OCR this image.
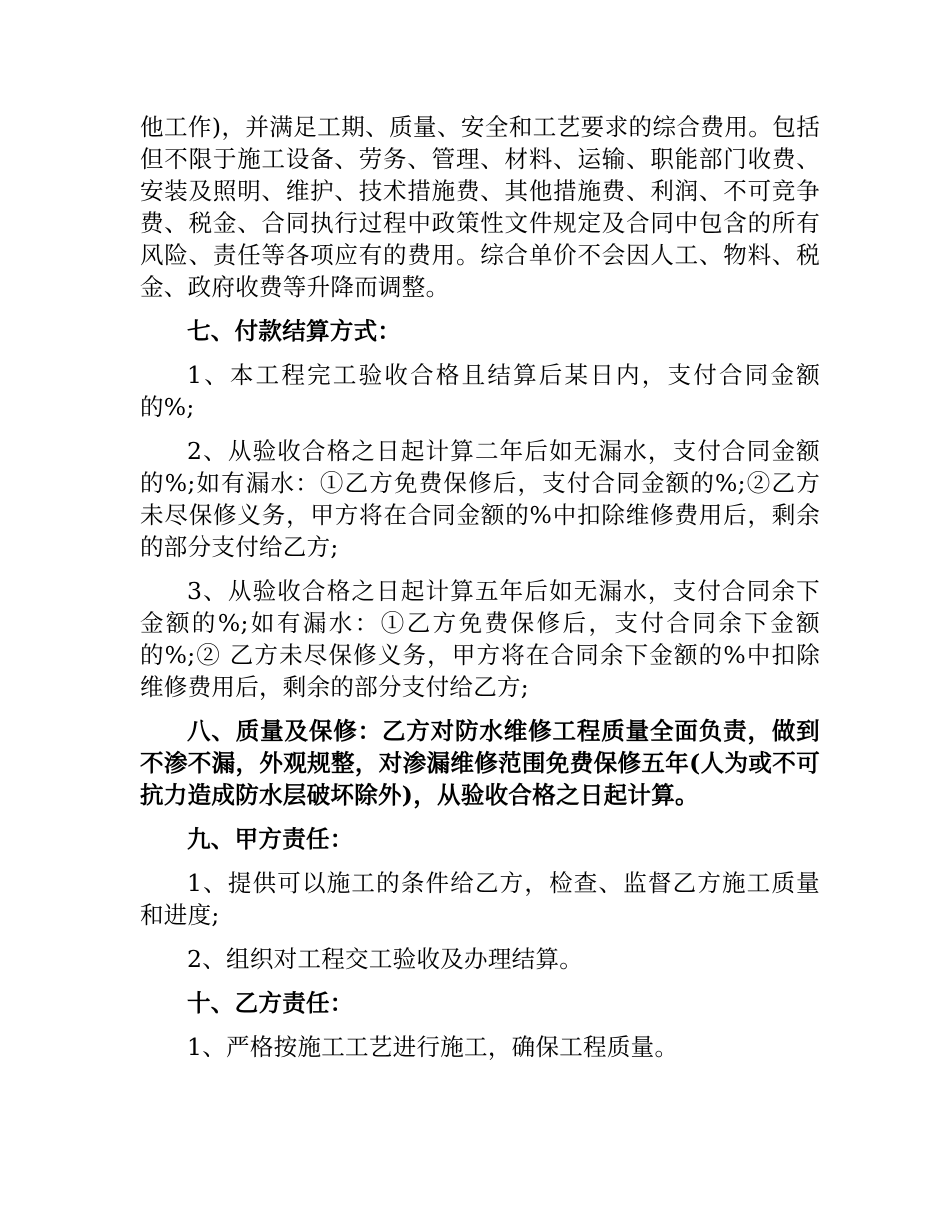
他工作)，并满足工期、质量、安全和工艺要求的综合费用。包括但不限于施工设备、劳务、管理、材料、运输、职能部门收费、安装及照明、维护、技术措施费、其他措施费、利润、不可竞争费、税金、合同执行过程中政策性文件规定及合同中包含的所有风险、责任等各项应有的费用。综合单价不会因人工、物料、税金、政府收费等升降而调整。

七、付款结算方式：

1、本工程完工验收合格且结算后某日内，支付合同金额的%;

2、从验收合格之日起计算二年后如无漏水，支付合同金额的%;如有漏水：①乙方免费保修后，支付合同金额的%;②乙方未尽保修义务，甲方将在合同金额的%中扣除维修费用后，剩余的部分支付给乙方;

3、从验收合格之日起计算五年后如无漏水，支付合同余下金额的%;如有漏水：①乙方免费保修后，支付合同余下金额的%;② 乙方未尽保修义务，甲方将在合同余下金额的%中扣除维修费用后，剩余的部分支付给乙方;

八、质量及保修：乙方对防水维修工程质量全面负责，做到不渗不漏，外观规整，对渗漏维修范围免费保修五年(人为或不可抗力造成防水层破坏除外)，从验收合格之日起计算。

九、甲方责任：

1、提供可以施工的条件给乙方，检查、监督乙方施工质量和进度;

2、组织对工程交工验收及办理结算。

十、乙方责任：

1、严格按施工工艺进行施工，确保工程质量。
